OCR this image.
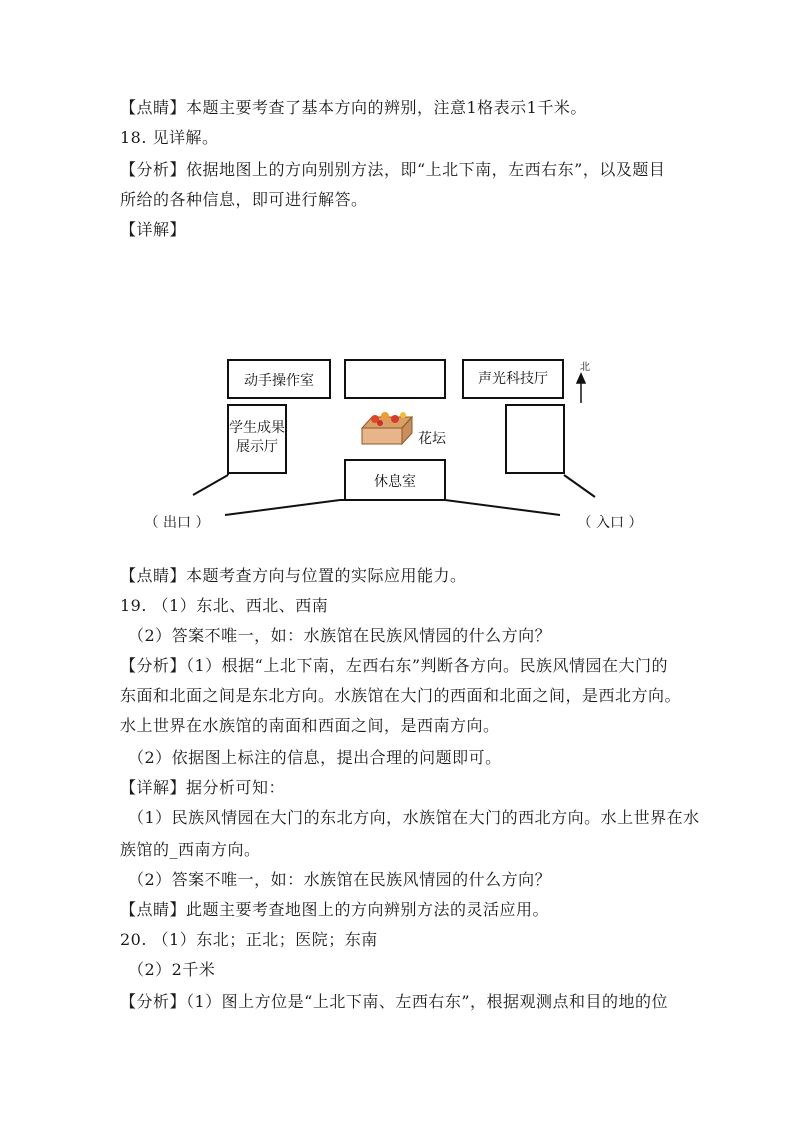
【点睛】本题主要考查了基本方向的辨别，注意1格表示1千米。
18. 见详解。
【分析】依据地图上的方向别别方法，即“上北下南，左西右东”，以及题目
所给的各种信息，即可进行解答。
【详解】
动手操作室	声光科技厅
学生成果
展示厅	花坛
休息室
（ 出口 ）	（ 入口 ）
北
【点睛】本题考查方向与位置的实际应用能力。
19. （1）东北、西北、西南
（2）答案不唯一，如：水族馆在民族风情园的什么方向？
【分析】（1）根据“上北下南，左西右东”判断各方向。民族风情园在大门的
东面和北面之间是东北方向。水族馆在大门的西面和北面之间，是西北方向。
水上世界在水族馆的南面和西面之间，是西南方向。
（2）依据图上标注的信息，提出合理的问题即可。
【详解】据分析可知：
（1）民族风情园在大门的东北方向，水族馆在大门的西北方向。水上世界在水
族馆的_西南方向。
（2）答案不唯一，如：水族馆在民族风情园的什么方向？
【点睛】此题主要考查地图上的方向辨别方法的灵活应用。
20. （1）东北；正北；医院；东南
（2）2千米
【分析】（1）图上方位是“上北下南、左西右东”，根据观测点和目的地的位
